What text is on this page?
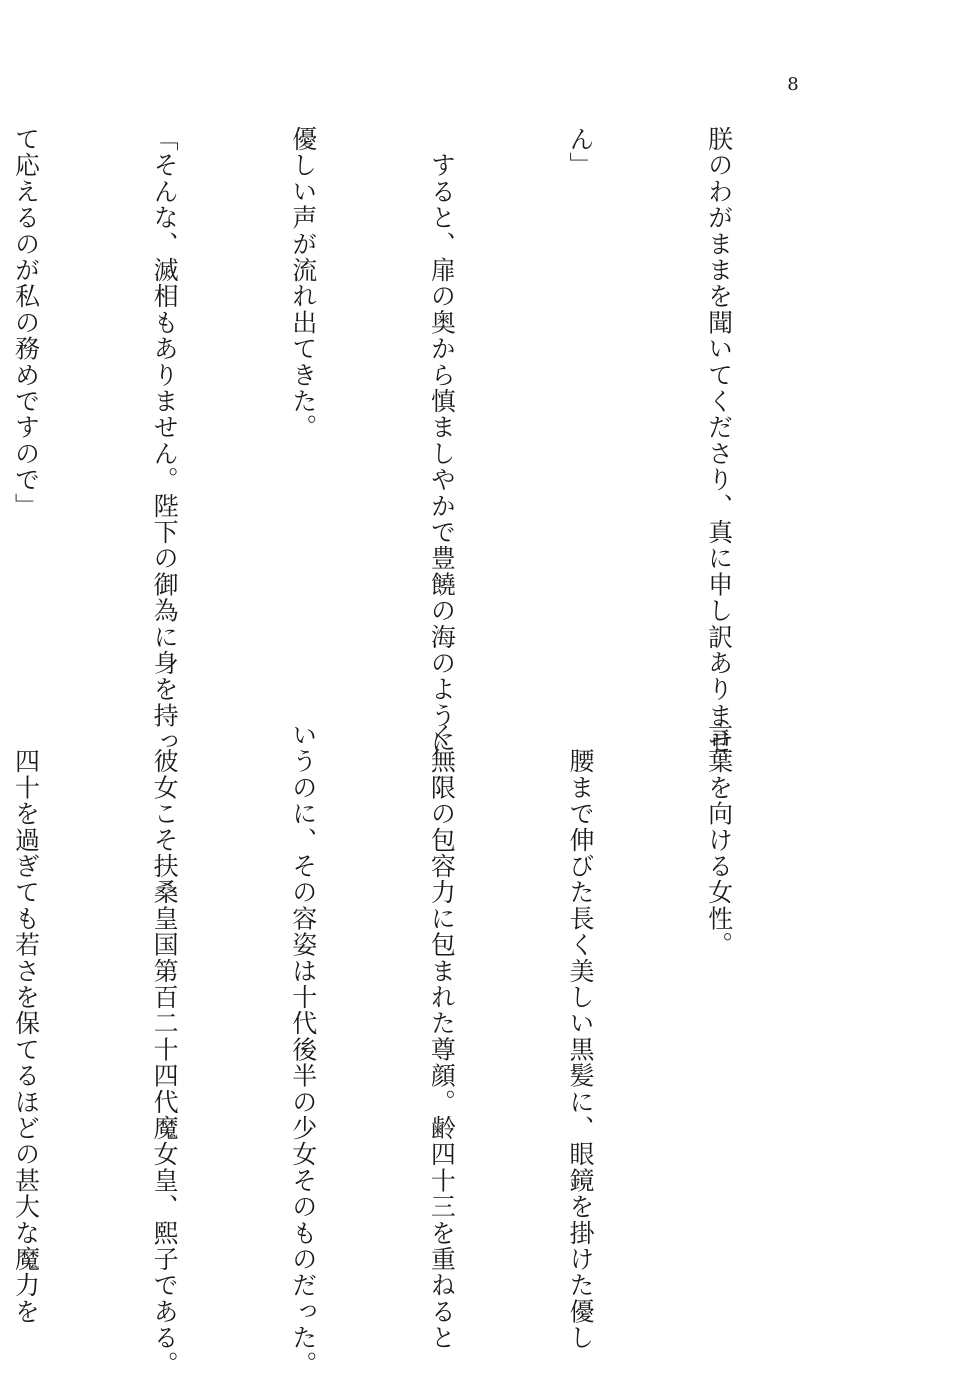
8

朕のわがままを聞いてくださり、真に申し訳ありませ

ん」

　すると、扉の奥から慎ましやかで豊饒の海のように

優しい声が流れ出てきた。

「そんな、滅相もありません。陛下の御為に身を持っ

て応えるのが私の務めですので」

言葉を向ける女性。

　腰まで伸びた長く美しい黒髪に、眼鏡を掛けた優し

く無限の包容力に包まれた尊顔。齢四十三を重ねると

いうのに、その容姿は十代後半の少女そのものだった。

　彼女こそ扶桑皇国第百二十四代魔女皇、熙子である。

　四十を過ぎても若さを保てるほどの甚大な魔力を
